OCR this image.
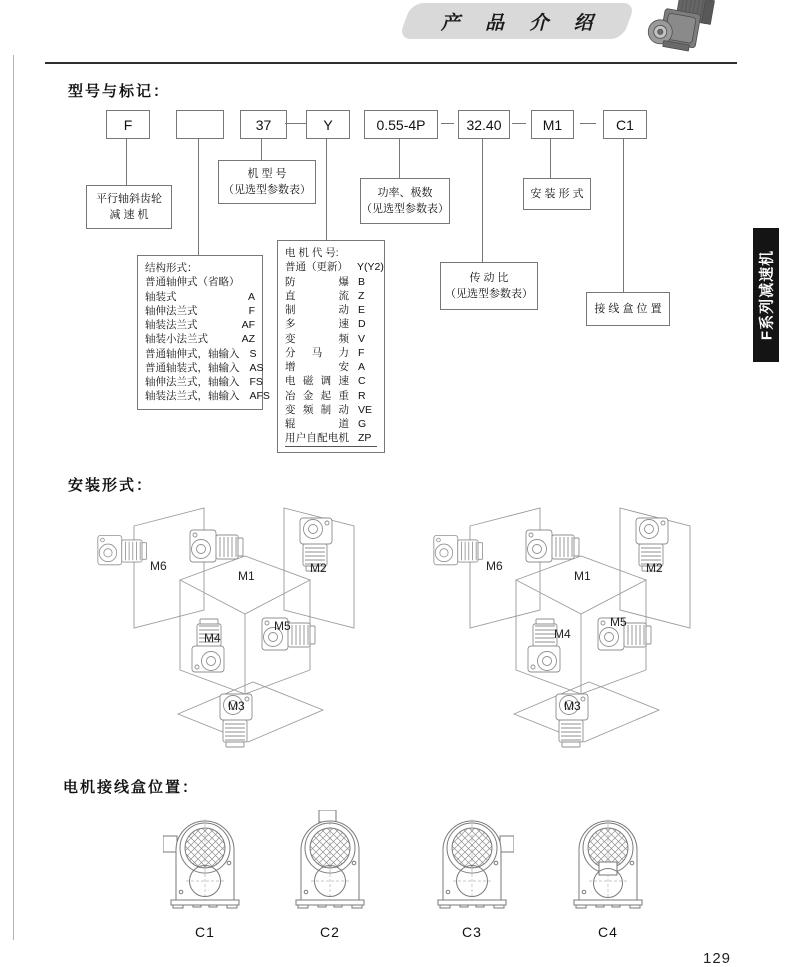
产 品 介 绍
F系列减速机
型号与标记：
F	37	Y	0.55-4P	32.40	M1	C1
平行轴斜齿轮
减 速 机
机 型 号
（见选型参数表）	功率、极数
（见选型参数表）
安 装 形 式
传 动 比
（见选型参数表）
接 线 盒 位 置
结构形式：
普通轴伸式（省略）
轴装式	A
轴伸法兰式	F
轴装法兰式	AF
轴装小法兰式	AZ
普通轴伸式，轴输入 S
普通轴装式，轴输入 AS
轴伸法兰式，轴输入 FS
轴装法兰式，轴输入 AFS
电 机 代 号:
普通（更新） Y(Y2)
防爆 B
直流 Z
制动 E
多速 D
变频 V
分马力 F
增安 A
电磁调速 C
冶金起重 R
变频制动 VE
辊道 G
用户自配电机 ZP
安装形式：
M6
M1
M2
M4
M5
M3
M6
M1
M2
M4
M5
M3
电机接线盒位置：
C1	C2	C3	C4
129
